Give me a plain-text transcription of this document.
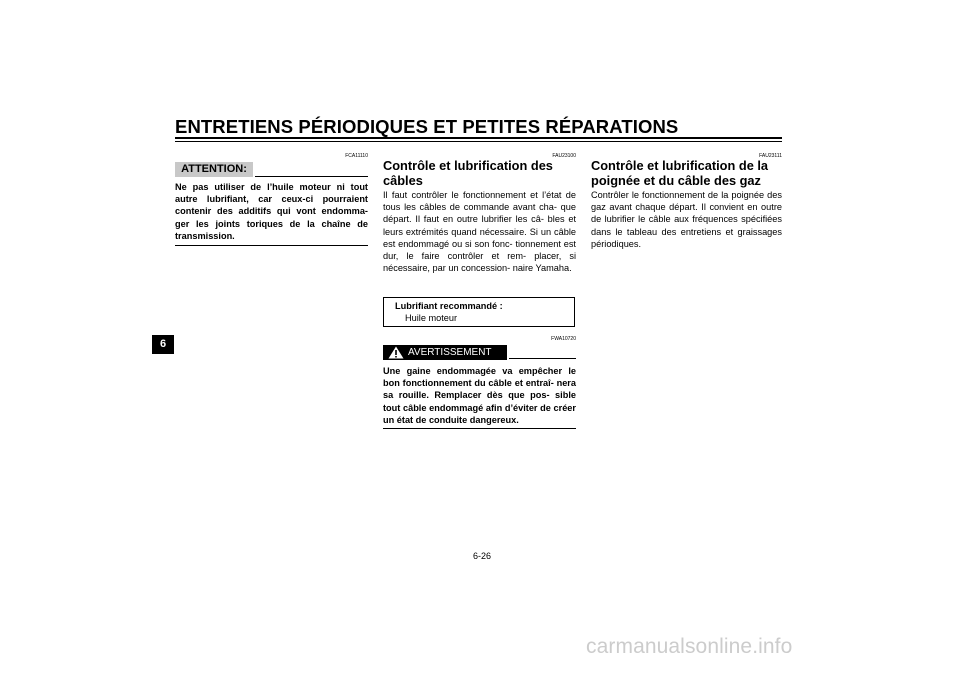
ENTRETIENS PÉRIODIQUES ET PETITES RÉPARATIONS
6
FCA11110
ATTENTION:
Ne pas utiliser de l’huile moteur ni tout autre lubrifiant, car ceux-ci pourraient contenir des additifs qui vont endomma- ger les joints toriques de la chaîne de transmission.
FAU23100
Contrôle et lubrification des
câbles
Il faut contrôler le fonctionnement et l’état de tous les câbles de commande avant cha- que départ. Il faut en outre lubrifier les câ- bles et leurs extrémités quand nécessaire. Si un câble est endommagé ou si son fonc- tionnement est dur, le faire contrôler et rem- placer, si nécessaire, par un concession- naire Yamaha.
Lubrifiant recommandé :
Huile moteur
FWA10720
AVERTISSEMENT
Une gaine endommagée va empêcher le bon fonctionnement du câble et entraî- nera sa rouille. Remplacer dès que pos- sible tout câble endommagé afin d’éviter de créer un état de conduite dangereux.
FAU23111
Contrôle et lubrification de la
poignée et du câble des gaz
Contrôler le fonctionnement de la poignée des gaz avant chaque départ. Il convient en outre de lubrifier le câble aux fréquences spécifiées dans le tableau des entretiens et graissages périodiques.
6-26
carmanualsonline.info
